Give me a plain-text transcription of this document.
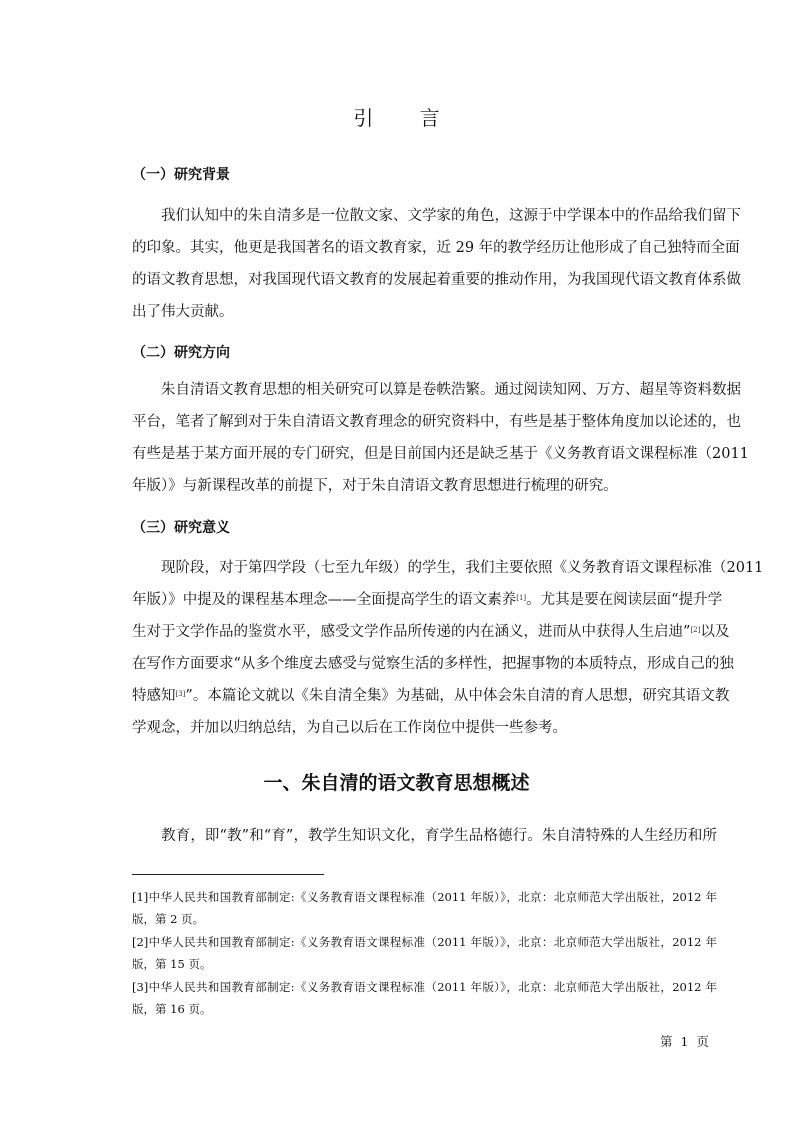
引 言
（一）研究背景
我们认知中的朱自清多是一位散文家、文学家的角色，这源于中学课本中的作品给我们留下
的印象。其实，他更是我国著名的语文教育家，近 29 年的教学经历让他形成了自己独特而全面
的语文教育思想，对我国现代语文教育的发展起着重要的推动作用，为我国现代语文教育体系做
出了伟大贡献。
（二）研究方向
朱自清语文教育思想的相关研究可以算是卷帙浩繁。通过阅读知网、万方、超星等资料数据
平台，笔者了解到对于朱自清语文教育理念的研究资料中，有些是基于整体角度加以论述的，也
有些是基于某方面开展的专门研究，但是目前国内还是缺乏基于《义务教育语文课程标准（2011
年版）》与新课程改革的前提下，对于朱自清语文教育思想进行梳理的研究。
（三）研究意义
现阶段，对于第四学段（七至九年级）的学生，我们主要依照《义务教育语文课程标准（2011
年版）》中提及的课程基本理念——全面提高学生的语文素养[1]。尤其是要在阅读层面“提升学
生对于文学作品的鉴赏水平，感受文学作品所传递的内在涵义，进而从中获得人生启迪”[2]以及
在写作方面要求“从多个维度去感受与觉察生活的多样性，把握事物的本质特点，形成自己的独
特感知[3]”。本篇论文就以《朱自清全集》为基础，从中体会朱自清的育人思想，研究其语文教
学观念，并加以归纳总结，为自己以后在工作岗位中提供一些参考。
一、朱自清的语文教育思想概述
教育，即“教”和“育”，教学生知识文化，育学生品格德行。朱自清特殊的人生经历和所
[1]中华人民共和国教育部制定:《义务教育语文课程标准（2011 年版）》，北京：北京师范大学出版社，2012 年
版，第 2 页。
[2]中华人民共和国教育部制定:《义务教育语文课程标准（2011 年版）》，北京：北京师范大学出版社，2012 年
版，第 15 页。
[3]中华人民共和国教育部制定:《义务教育语文课程标准（2011 年版）》，北京：北京师范大学出版社，2012 年
版，第 16 页。
第 1 页
